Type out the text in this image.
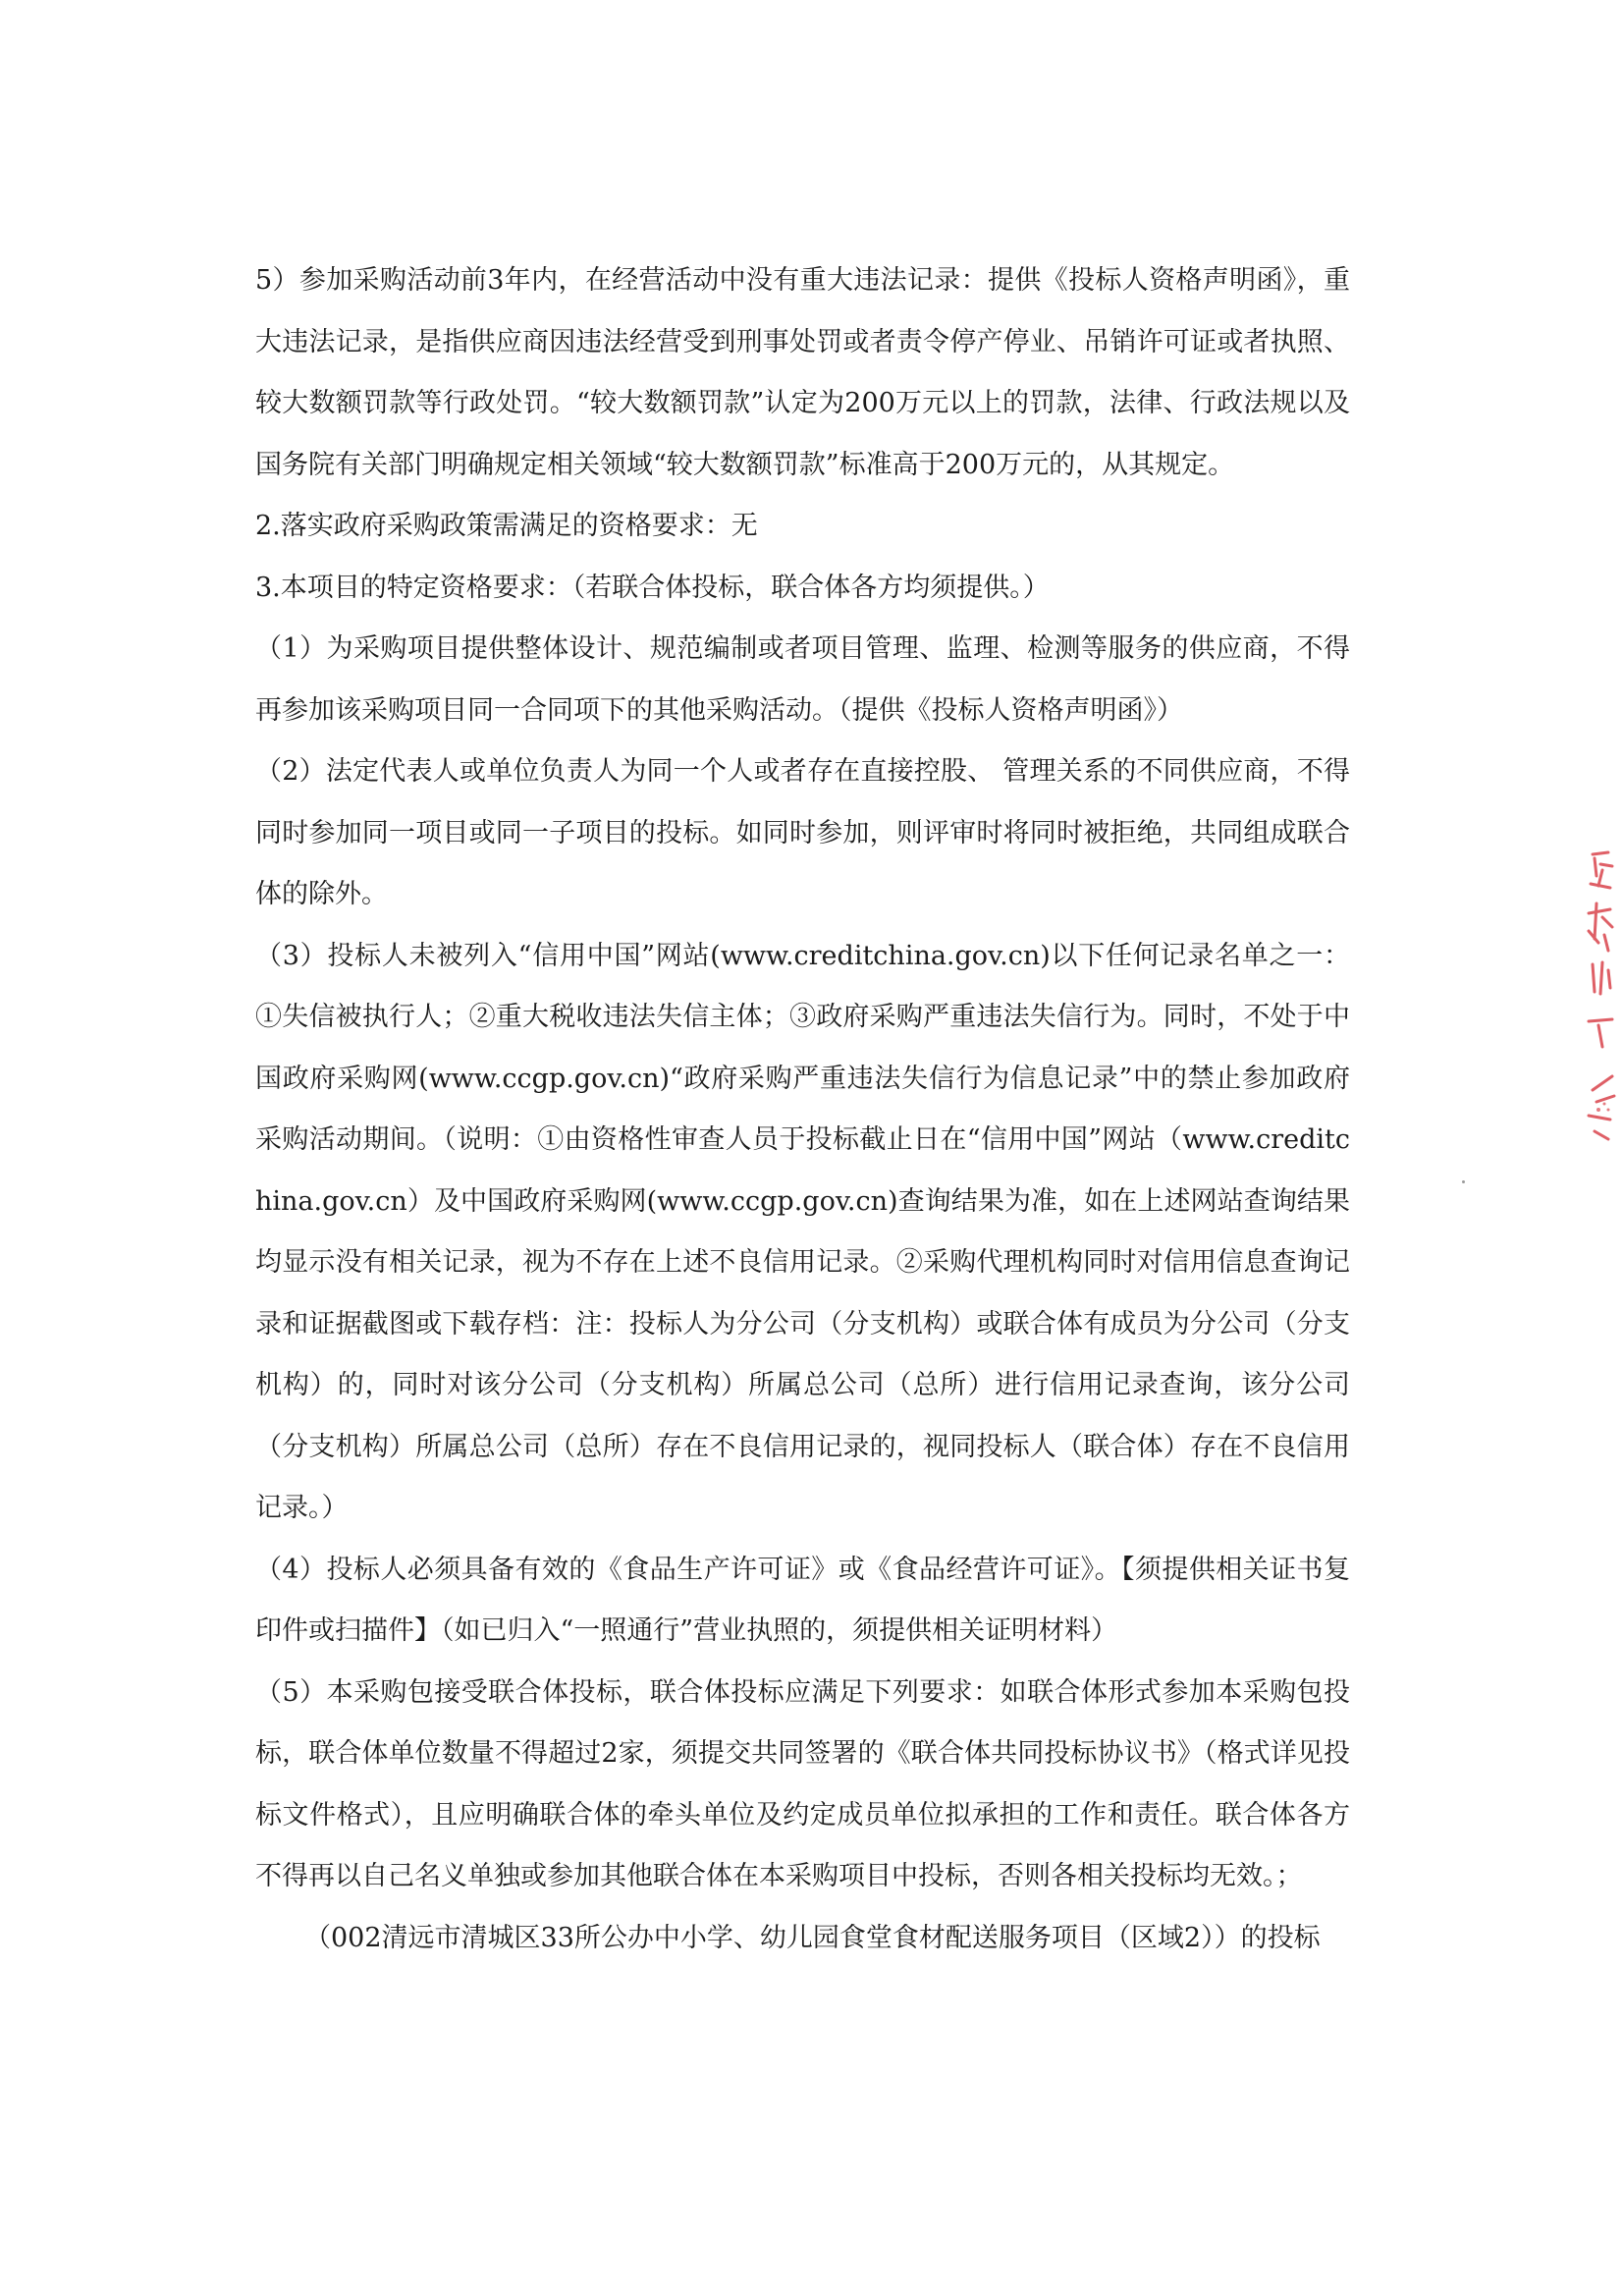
5）参加采购活动前3年内，在经营活动中没有重大违法记录：提供《投标人资格声明函》，重大违法记录，是指供应商因违法经营受到刑事处罚或者责令停产停业、吊销许可证或者执照、较大数额罚款等行政处罚。“较大数额罚款”认定为200万元以上的罚款，法律、行政法规以及国务院有关部门明确规定相关领域“较大数额罚款”标准高于200万元的，从其规定。

2.落实政府采购政策需满足的资格要求：无

3.本项目的特定资格要求：（若联合体投标，联合体各方均须提供。）

（1）为采购项目提供整体设计、规范编制或者项目管理、监理、检测等服务的供应商，不得再参加该采购项目同一合同项下的其他采购活动。（提供《投标人资格声明函》）

（2）法定代表人或单位负责人为同一个人或者存在直接控股、 管理关系的不同供应商，不得同时参加同一项目或同一子项目的投标。如同时参加，则评审时将同时被拒绝，共同组成联合体的除外。

（3）投标人未被列入“信用中国”网站(www.creditchina.gov.cn)以下任何记录名单之一：①失信被执行人；②重大税收违法失信主体；③政府采购严重违法失信行为。同时，不处于中国政府采购网(www.ccgp.gov.cn)“政府采购严重违法失信行为信息记录”中的禁止参加政府采购活动期间。（说明：①由资格性审查人员于投标截止日在“信用中国”网站（www.creditchina.gov.cn）及中国政府采购网(www.ccgp.gov.cn)查询结果为准，如在上述网站查询结果均显示没有相关记录，视为不存在上述不良信用记录。②采购代理机构同时对信用信息查询记录和证据截图或下载存档：注：投标人为分公司（分支机构）或联合体有成员为分公司（分支机构）的，同时对该分公司（分支机构）所属总公司（总所）进行信用记录查询，该分公司（分支机构）所属总公司（总所）存在不良信用记录的，视同投标人（联合体）存在不良信用记录。）

（4）投标人必须具备有效的《食品生产许可证》或《食品经营许可证》。【须提供相关证书复印件或扫描件】（如已归入“一照通行”营业执照的，须提供相关证明材料）

（5）本采购包接受联合体投标，联合体投标应满足下列要求：如联合体形式参加本采购包投标，联合体单位数量不得超过2家，须提交共同签署的《联合体共同投标协议书》（格式详见投标文件格式），且应明确联合体的牵头单位及约定成员单位拟承担的工作和责任。联合体各方不得再以自己名义单独或参加其他联合体在本采购项目中投标，否则各相关投标均无效。；

（002清远市清城区33所公办中小学、幼儿园食堂食材配送服务项目（区域2））的投标
